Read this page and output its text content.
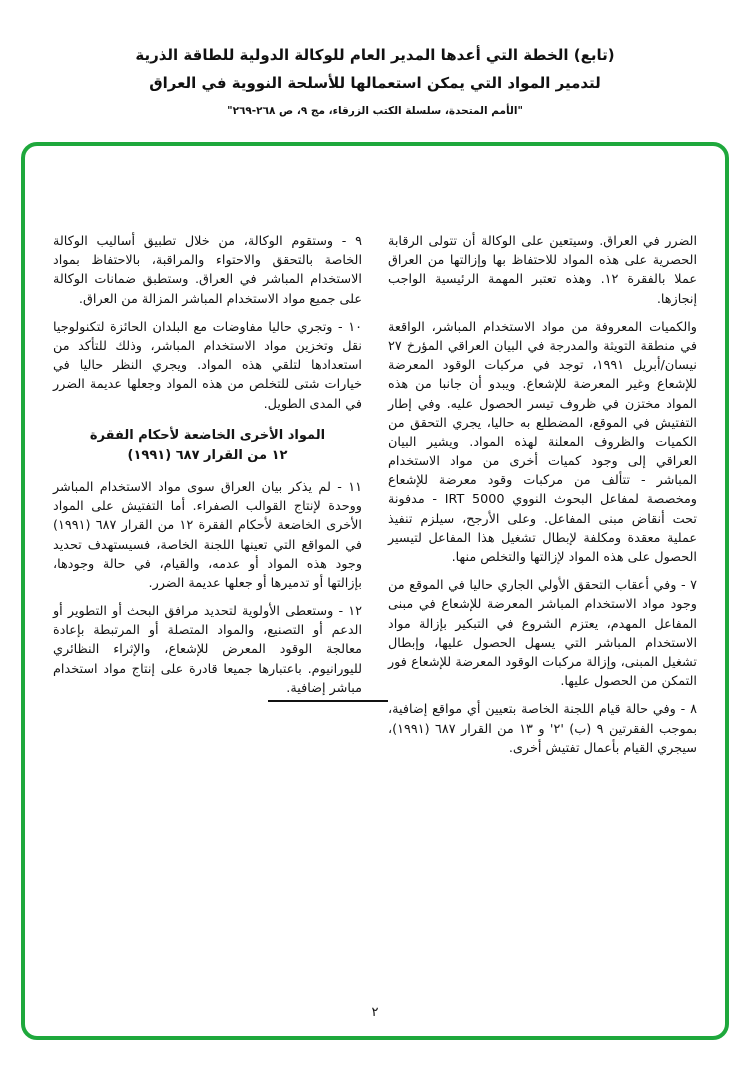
(تابع) الخطة التي أعدها المدير العام للوكالة الدولية للطاقة الذرية
لتدمير المواد التي يمكن استعمالها للأسلحة النووية في العراق
"الأمم المتحدة، سلسلة الكتب الزرقاء، مج ٩، ص ٢٦٨-٢٦٩"

الضرر في العراق. وسيتعين على الوكالة أن تتولى الرقابة الحصرية على هذه المواد للاحتفاظ بها وإزالتها من العراق عملا بالفقرة ١٢. وهذه تعتبر المهمة الرئيسية الواجب إنجازها.

والكميات المعروفة من مواد الاستخدام المباشر، الواقعة في منطقة التويثة والمدرجة في البيان العراقي المؤرخ ٢٧ نيسان/أبريل ١٩٩١، توجد في مركبات الوقود المعرضة للإشعاع وغير المعرضة للإشعاع. ويبدو أن جانبا من هذه المواد مختزن في ظروف تيسر الحصول عليه. وفي إطار التفتيش في الموقع، المضطلع به حاليا، يجري التحقق من الكميات والظروف المعلنة لهذه المواد. ويشير البيان العراقي إلى وجود كميات أخرى من مواد الاستخدام المباشر - تتألف من مركبات وقود معرضة للإشعاع ومخصصة لمفاعل البحوث النووي IRT 5000 - مدفونة تحت أنقاض مبنى المفاعل. وعلى الأرجح، سيلزم تنفيذ عملية معقدة ومكلفة لإبطال تشغيل هذا المفاعل لتيسير الحصول على هذه المواد لإزالتها والتخلص منها.

٧ - وفي أعقاب التحقق الأولي الجاري حاليا في الموقع من وجود مواد الاستخدام المباشر المعرضة للإشعاع في مبنى المفاعل المهدم، يعتزم الشروع في التبكير بإزالة مواد الاستخدام المباشر التي يسهل الحصول عليها، وإبطال تشغيل المبنى، وإزالة مركبات الوقود المعرضة للإشعاع فور التمكن من الحصول عليها.

٨ - وفي حالة قيام اللجنة الخاصة بتعيين أي مواقع إضافية، بموجب الفقرتين ٩ (ب) '٢' و ١٣ من القرار ٦٨٧ (١٩٩١)، سيجري القيام بأعمال تفتيش أخرى.

٩ - وستقوم الوكالة، من خلال تطبيق أساليب الوكالة الخاصة بالتحقق والاحتواء والمراقبة، بالاحتفاظ بمواد الاستخدام المباشر في العراق. وستطبق ضمانات الوكالة على جميع مواد الاستخدام المباشر المزالة من العراق.

١٠ - وتجري حاليا مفاوضات مع البلدان الحائزة لتكنولوجيا نقل وتخزين مواد الاستخدام المباشر، وذلك للتأكد من استعدادها لتلقي هذه المواد. ويجري النظر حاليا في خيارات شتى للتخلص من هذه المواد وجعلها عديمة الضرر في المدى الطويل.

المواد الأخرى الخاضعة لأحكام الفقرة
١٢ من القرار ٦٨٧ (١٩٩١)

١١ - لم يذكر بيان العراق سوى مواد الاستخدام المباشر ووحدة لإنتاج القوالب الصفراء. أما التفتيش على المواد الأخرى الخاضعة لأحكام الفقرة ١٢ من القرار ٦٨٧ (١٩٩١) في المواقع التي تعينها اللجنة الخاصة، فسيستهدف تحديد وجود هذه المواد أو عدمه، والقيام، في حالة وجودها، بإزالتها أو تدميرها أو جعلها عديمة الضرر.

١٢ - وستعطى الأولوية لتحديد مرافق البحث أو التطوير أو الدعم أو التصنيع، والمواد المتصلة أو المرتبطة بإعادة معالجة الوقود المعرض للإشعاع، والإثراء النظائري لليورانيوم. باعتبارها جميعا قادرة على إنتاج مواد استخدام مباشر إضافية.

٢
